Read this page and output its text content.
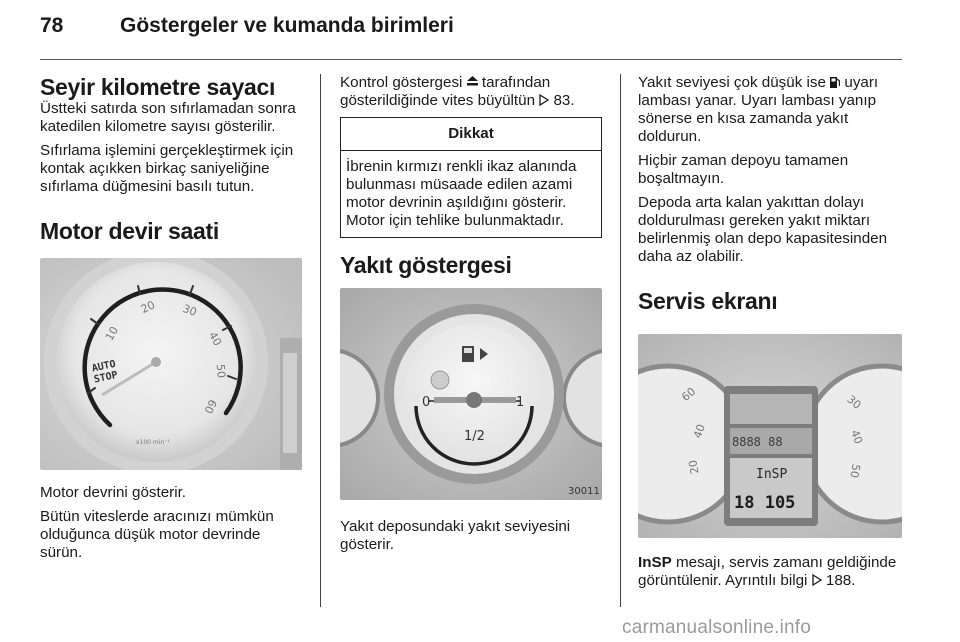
78	Göstergeler ve kumanda birimleri
Seyir kilometre sayacı

Üstteki satırda son sıfırlamadan sonra katedilen kilometre sayısı gösterilir.

Sıfırlama işlemini gerçekleştirmek için kontak açıkken birkaç saniyeliğine sıfırlama düğmesini basılı tutun.

Motor devir saati
10
20 30
40
50
60
AUTO
STOP
x100 min⁻¹

Motor devrini gösterir.

Bütün viteslerde aracınızı mümkün olduğunca düşük motor devrinde sürün.

Kontrol göstergesi  tarafından gösterildiğinde vites büyültün  83.

Dikkat
İbrenin kırmızı renkli ikaz alanında bulunması müsaade edilen azami motor devrinin aşıldığını gösterir. Motor için tehlike bulunmaktadır.
Yakıt göstergesi
0	1
1/2
30011

Yakıt deposundaki yakıt seviyesini gösterir.

Yakıt seviyesi çok düşük ise  uyarı lambası yanar. Uyarı lambası yanıp sönerse en kısa zamanda yakıt doldurun.

Hiçbir zaman depoyu tamamen boşaltmayın.

Depoda arta kalan yakıttan dolayı doldurulması gereken yakıt miktarı belirlenmiş olan depo kapasitesinden daha az olabilir.

Servis ekranı
60
40
20
30
40
50
8888 88
InSP
18 105

InSP mesajı, servis zamanı geldiğinde görüntülenir. Ayrıntılı bilgi  188.

carmanualsonline.info
